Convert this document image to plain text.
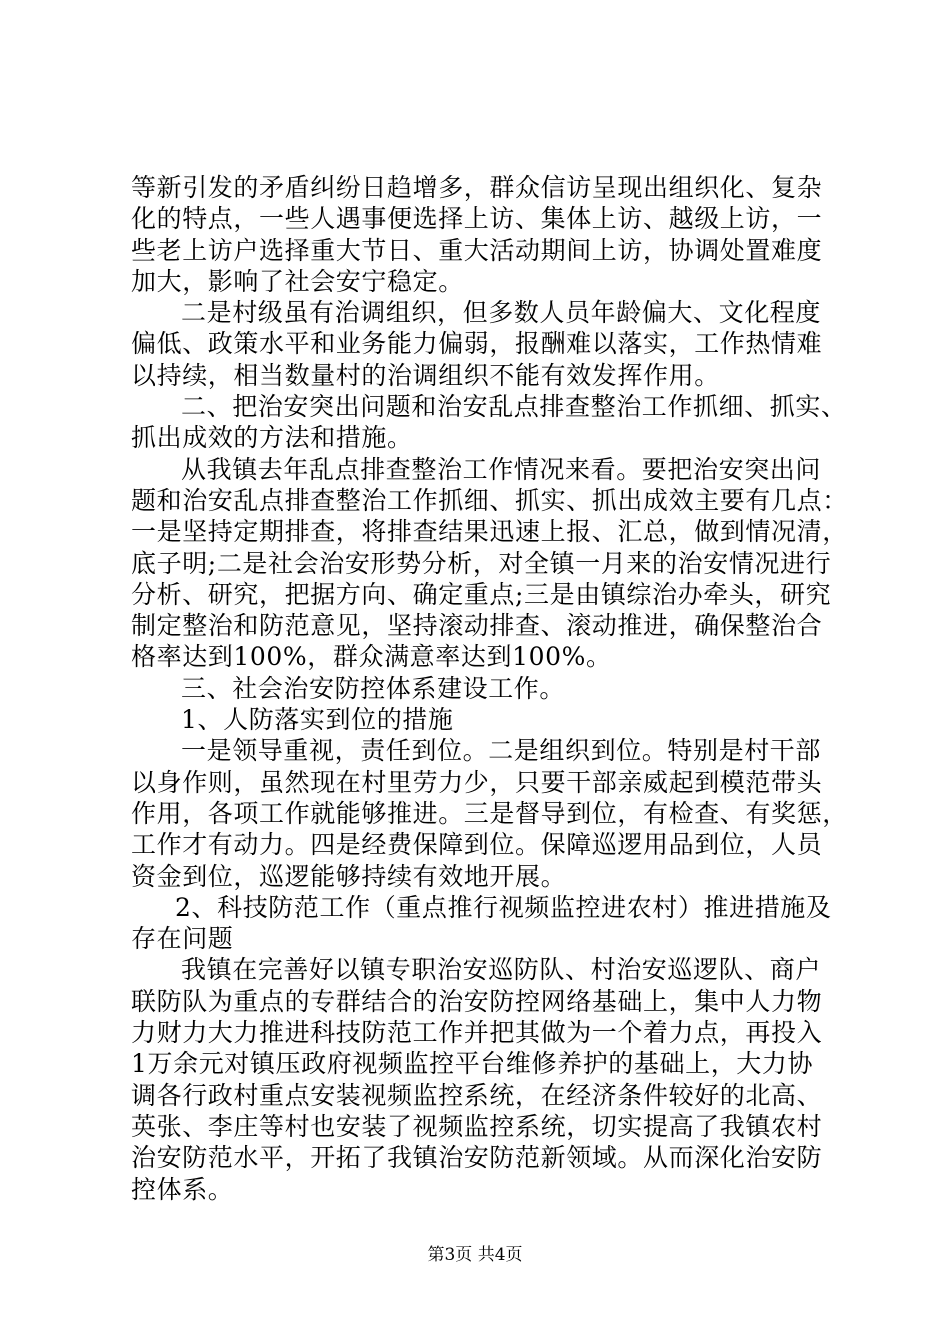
等新引发的矛盾纠纷日趋增多，群众信访呈现出组织化、复杂
化的特点，一些人遇事便选择上访、集体上访、越级上访，一
些老上访户选择重大节日、重大活动期间上访，协调处置难度
加大，影响了社会安宁稳定。
二是村级虽有治调组织，但多数人员年龄偏大、文化程度
偏低、政策水平和业务能力偏弱，报酬难以落实，工作热情难
以持续，相当数量村的治调组织不能有效发挥作用。
二、把治安突出问题和治安乱点排查整治工作抓细、抓实、
抓出成效的方法和措施。
从我镇去年乱点排查整治工作情况来看。要把治安突出问
题和治安乱点排查整治工作抓细、抓实、抓出成效主要有几点：
一是坚持定期排查，将排查结果迅速上报、汇总，做到情况清，
底子明;二是社会治安形势分析，对全镇一月来的治安情况进行
分析、研究，把据方向、确定重点;三是由镇综治办牵头，研究
制定整治和防范意见，坚持滚动排查、滚动推进，确保整治合
格率达到100%，群众满意率达到100%。
三、社会治安防控体系建设工作。
1、人防落实到位的措施
一是领导重视，责任到位。二是组织到位。特别是村干部
以身作则，虽然现在村里劳力少，只要干部亲威起到模范带头
作用，各项工作就能够推进。三是督导到位，有检查、有奖惩，
工作才有动力。四是经费保障到位。保障巡逻用品到位，人员
资金到位，巡逻能够持续有效地开展。
2、科技防范工作（重点推行视频监控进农村）推进措施及
存在问题
我镇在完善好以镇专职治安巡防队、村治安巡逻队、商户
联防队为重点的专群结合的治安防控网络基础上，集中人力物
力财力大力推进科技防范工作并把其做为一个着力点，再投入
1万余元对镇压政府视频监控平台维修养护的基础上，大力协
调各行政村重点安装视频监控系统，在经济条件较好的北高、
英张、李庄等村也安装了视频监控系统，切实提高了我镇农村
治安防范水平，开拓了我镇治安防范新领域。从而深化治安防
控体系。
第3页 共4页
